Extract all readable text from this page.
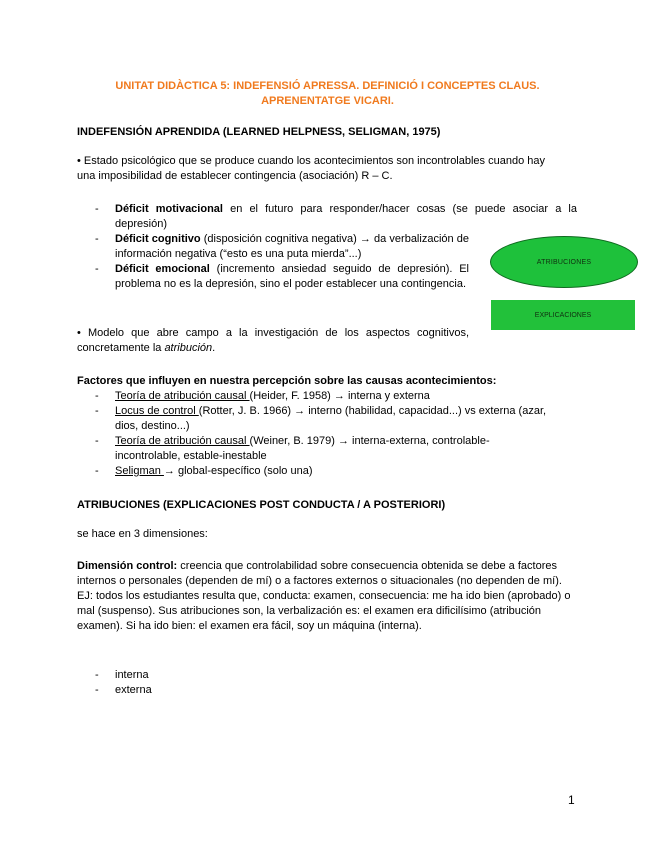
UNITAT DIDÀCTICA 5: INDEFENSIÓ APRESSA. DEFINICIÓ I CONCEPTES CLAUS.
APRENENTATGE VICARI.
INDEFENSIÓN APRENDIDA (LEARNED HELPNESS, SELIGMAN, 1975)
• Estado psicológico que se produce cuando los acontecimientos son incontrolables cuando hay
una imposibilidad de establecer contingencia (asociación) R – C.
- Déficit motivacional en el futuro para responder/hacer cosas (se puede asociar a la depresión)
- Déficit cognitivo (disposición cognitiva negativa) → da verbalización de información negativa (“esto es una puta mierda”...)
- Déficit emocional (incremento ansiedad seguido de depresión). El problema no es la depresión, sino el poder establecer una contingencia.
ATRIBUCIONES
EXPLICACIONES
• Modelo que abre campo a la investigación de los aspectos cognitivos, concretamente la atribución.
Factores que influyen en nuestra percepción sobre las causas acontecimientos:
- Teoría de atribución causal (Heider, F. 1958) → interna y externa
- Locus de control (Rotter, J. B. 1966) → interno (habilidad, capacidad...) vs externa (azar, dios, destino...)
- Teoría de atribución causal (Weiner, B. 1979) → interna-externa, controlable-incontrolable, estable-inestable
- Seligman → global-específico (solo una)
ATRIBUCIONES (EXPLICACIONES POST CONDUCTA / A POSTERIORI)
se hace en 3 dimensiones:
Dimensión control: creencia que controlabilidad sobre consecuencia obtenida se debe a factores internos o personales (dependen de mí) o a factores externos o situacionales (no dependen de mí). EJ: todos los estudiantes resulta que, conducta: examen, consecuencia: me ha ido bien (aprobado) o mal (suspenso). Sus atribuciones son, la verbalización es: el examen era dificilísimo (atribución examen). Si ha ido bien: el examen era fácil, soy un máquina (interna).
- interna
- externa
1
